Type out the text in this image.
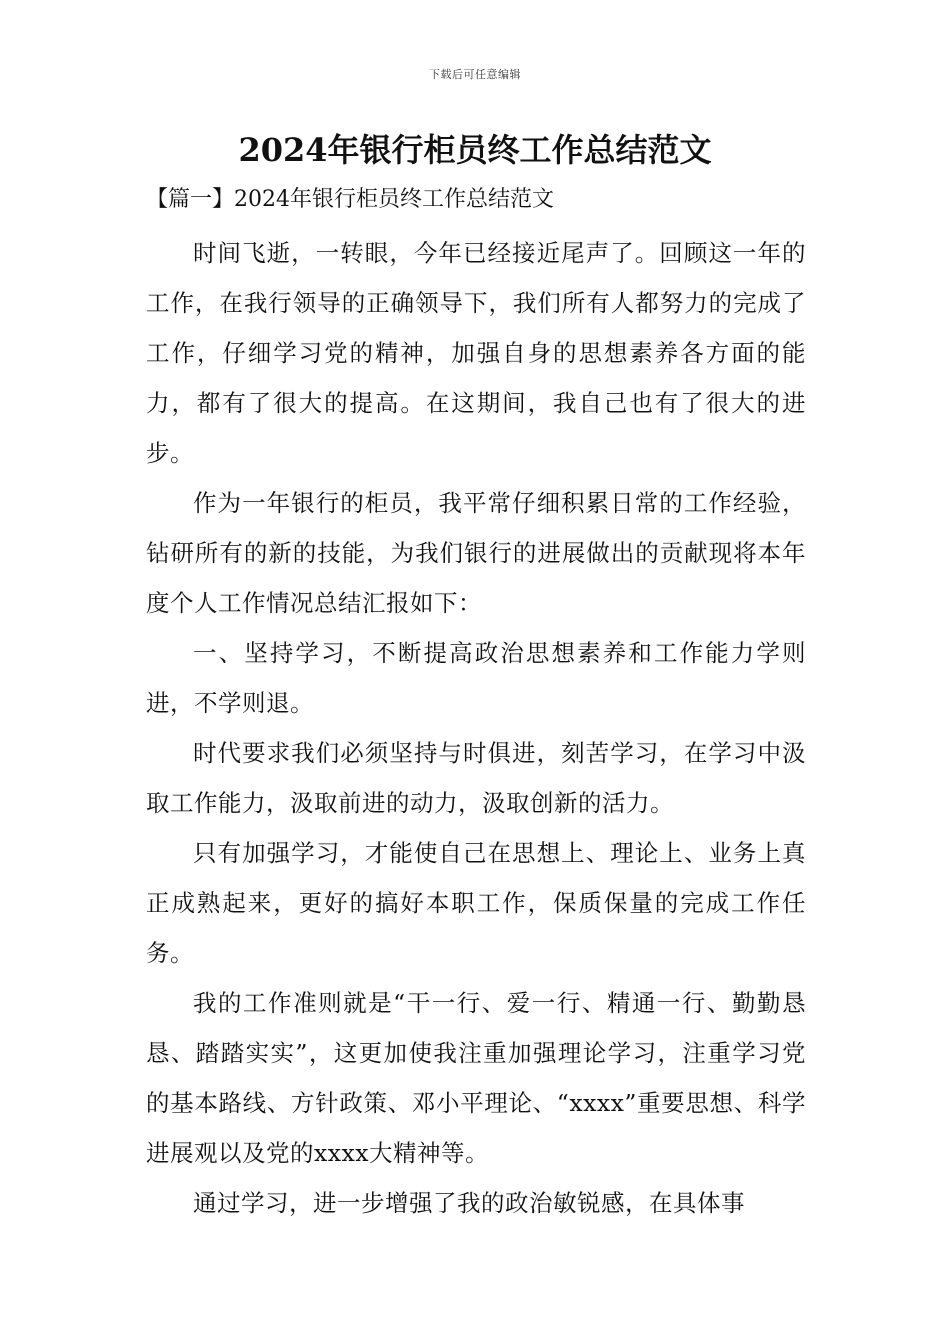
下载后可任意编辑
2024年银行柜员终工作总结范文

【篇一】2024年银行柜员终工作总结范文

时间飞逝，一转眼，今年已经接近尾声了。回顾这一年的工作，在我行领导的正确领导下，我们所有人都努力的完成了工作，仔细学习党的精神，加强自身的思想素养各方面的能力，都有了很大的提高。在这期间，我自己也有了很大的进步。

作为一年银行的柜员，我平常仔细积累日常的工作经验，钻研所有的新的技能，为我们银行的进展做出的贡献现将本年度个人工作情况总结汇报如下：

一、坚持学习，不断提高政治思想素养和工作能力学则进，不学则退。

时代要求我们必须坚持与时俱进，刻苦学习，在学习中汲取工作能力，汲取前进的动力，汲取创新的活力。

只有加强学习，才能使自己在思想上、理论上、业务上真正成熟起来，更好的搞好本职工作，保质保量的完成工作任务。

我的工作准则就是“干一行、爱一行、精通一行、勤勤恳恳、踏踏实实”，这更加使我注重加强理论学习，注重学习党的基本路线、方针政策、邓小平理论、“xxxx”重要思想、科学进展观以及党的xxxx大精神等。

通过学习，进一步增强了我的政治敏锐感，在具体事
